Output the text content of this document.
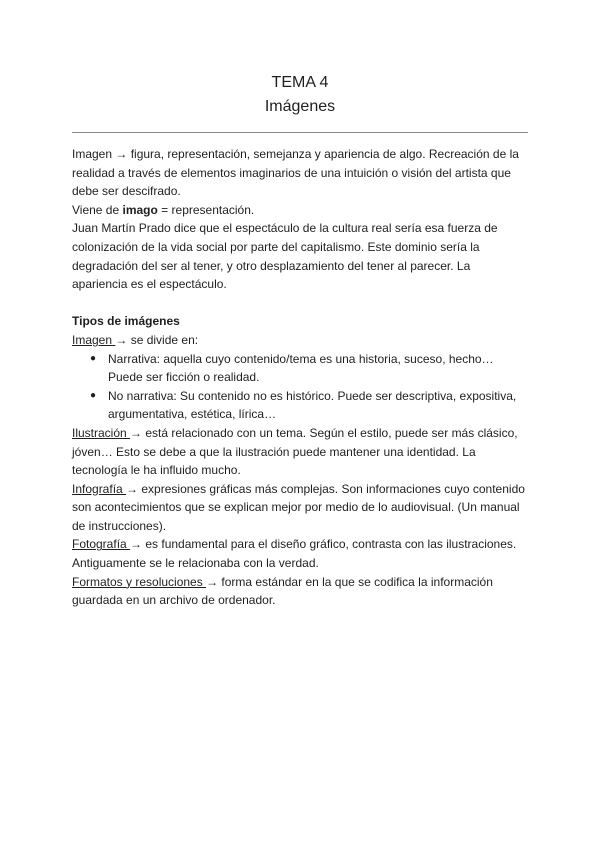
TEMA 4
Imágenes

Imagen → figura, representación, semejanza y apariencia de algo. Recreación de la realidad a través de elementos imaginarios de una intuición o visión del artista que debe ser descifrado.

Viene de imago = representación.

Juan Martín Prado dice que el espectáculo de la cultura real sería esa fuerza de colonización de la vida social por parte del capitalismo. Este dominio sería la degradación del ser al tener, y otro desplazamiento del tener al parecer. La apariencia es el espectáculo.

Tipos de imágenes

Imagen → se divide en:

● Narrativa: aquella cuyo contenido/tema es una historia, suceso, hecho… Puede ser ficción o realidad.
● No narrativa: Su contenido no es histórico. Puede ser descriptiva, expositiva, argumentativa, estética, lírica…

Ilustración → está relacionado con un tema. Según el estilo, puede ser más clásico, jóven… Esto se debe a que la ilustración puede mantener una identidad. La tecnología le ha influido mucho.

Infografía → expresiones gráficas más complejas. Son informaciones cuyo contenido son acontecimientos que se explican mejor por medio de lo audiovisual. (Un manual de instrucciones).

Fotografía → es fundamental para el diseño gráfico, contrasta con las ilustraciones. Antiguamente se le relacionaba con la verdad.

Formatos y resoluciones → forma estándar en la que se codifica la información guardada en un archivo de ordenador.
